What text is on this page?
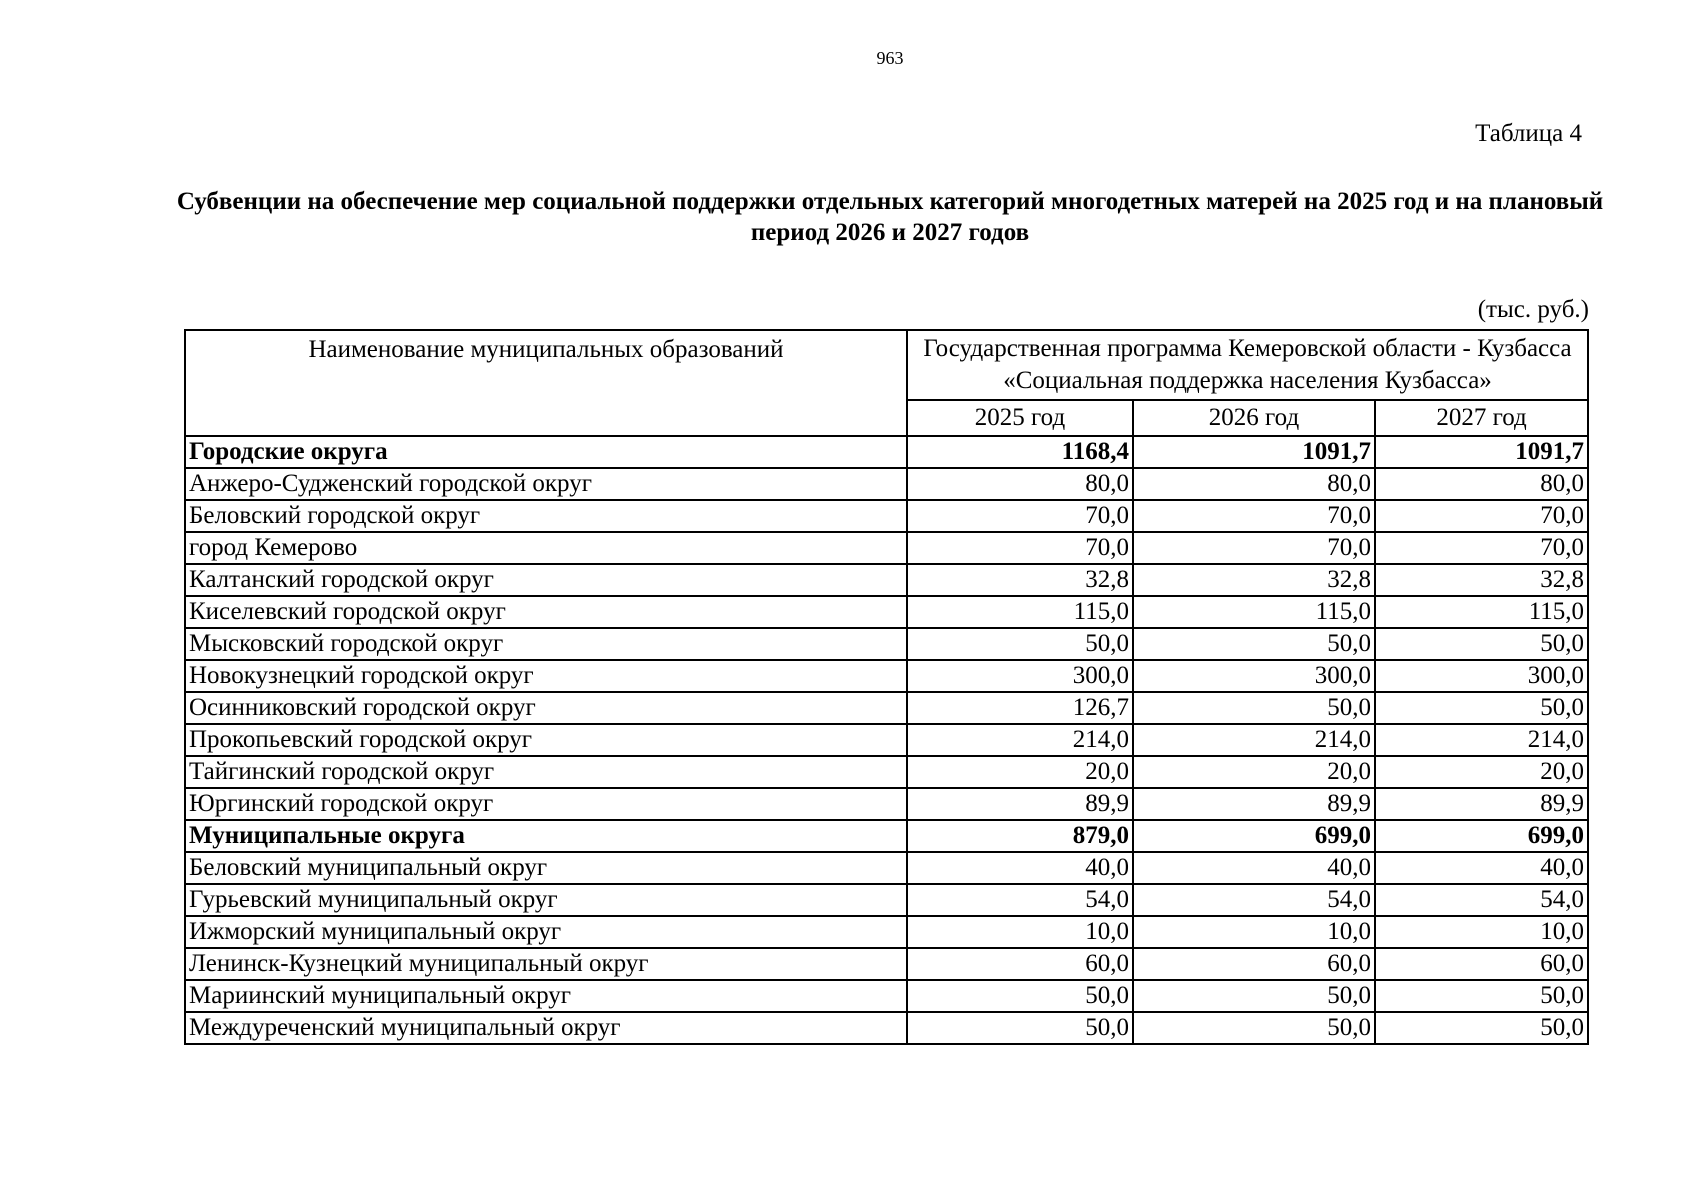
963
Таблица 4
Субвенции на обеспечение мер социальной поддержки отдельных категорий многодетных матерей на 2025 год и на плановый период 2026 и 2027 годов
(тыс. руб.)
Наименование муниципальных образований	Государственная программа Кемеровской области - Кузбасса «Социальная поддержка населения Кузбасса»		
	2025 год	2026 год	2027 год
Городские округа	1168,4	1091,7	1091,7
Анжеро-Судженский городской округ	80,0	80,0	80,0
Беловский городской округ	70,0	70,0	70,0
город Кемерово	70,0	70,0	70,0
Калтанский городской округ	32,8	32,8	32,8
Киселевский городской округ	115,0	115,0	115,0
Мысковский городской округ	50,0	50,0	50,0
Новокузнецкий городской округ	300,0	300,0	300,0
Осинниковский городской округ	126,7	50,0	50,0
Прокопьевский городской округ	214,0	214,0	214,0
Тайгинский городской округ	20,0	20,0	20,0
Юргинский городской округ	89,9	89,9	89,9
Муниципальные округа	879,0	699,0	699,0
Беловский муниципальный округ	40,0	40,0	40,0
Гурьевский муниципальный округ	54,0	54,0	54,0
Ижморский муниципальный округ	10,0	10,0	10,0
Ленинск-Кузнецкий муниципальный округ	60,0	60,0	60,0
Мариинский муниципальный округ	50,0	50,0	50,0
Междуреченский муниципальный округ	50,0	50,0	50,0
